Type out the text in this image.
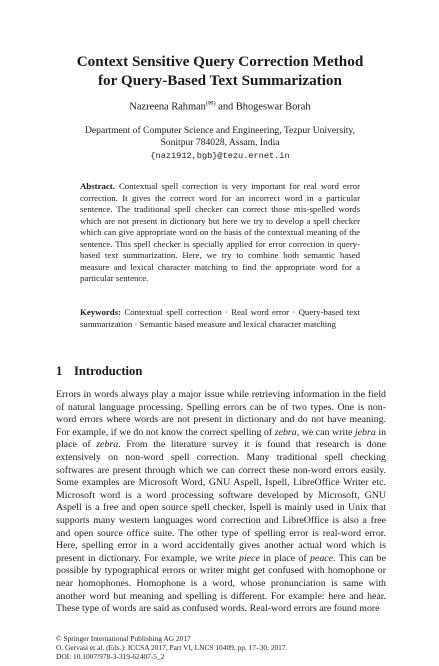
Context Sensitive Query Correction Method
for Query-Based Text Summarization
Nazreena Rahman(✉) and Bhogeswar Borah
Department of Computer Science and Engineering, Tezpur University,
Sonitpur 784028, Assam, India
{naz1912,bgb}@tezu.ernet.in
Abstract. Contextual spell correction is very important for real word error correction. It gives the correct word for an incorrect word in a particular sentence. The traditional spell checker can correct those mis-spelled words which are not present in dictionary but here we try to develop a spell checker which can give appropriate word on the basis of the contextual meaning of the sentence. This spell checker is specially applied for error correction in query-based text summarization. Here, we try to combine both semantic based measure and lexical character matching to find the appropriate word for a particular sentence.
Keywords: Contextual spell correction · Real word error · Query-based text summarization · Semantic based measure and lexical character matching
1 Introduction

Errors in words always play a major issue while retrieving information in the field of natural language processing. Spelling errors can be of two types. One is non-word errors where words are not present in dictionary and do not have meaning. For example, if we do not know the correct spelling of zebra, we can write jebra in place of zebra. From the literature survey it is found that research is done extensively on non-word spell correction. Many traditional spell checking softwares are present through which we can correct these non-word errors easily. Some examples are Microsoft Word, GNU Aspell, Ispell, LibreOffice Writer etc. Microsoft word is a word processing software developed by Microsoft, GNU Aspell is a free and open source spell checker, Ispell is mainly used in Unix that supports many western languages word correction and LibreOffice is also a free and open source office suite. The other type of spelling error is real-word error. Here, spelling error in a word accidentally gives another actual word which is present in dictionary. For example, we write piece in place of peace. This can be possible by typographical errors or writer might get confused with homophone or near homophones. Homophone is a word, whose pronunciation is same with another word but meaning and spelling is different. For example: here and hear. These type of words are said as confused words. Real-word errors are found more

© Springer International Publishing AG 2017
O. Gervasi et al. (Eds.): ICCSA 2017, Part VI, LNCS 10409, pp. 17–30, 2017.
DOI: 10.1007/978-3-319-62407-5_2
